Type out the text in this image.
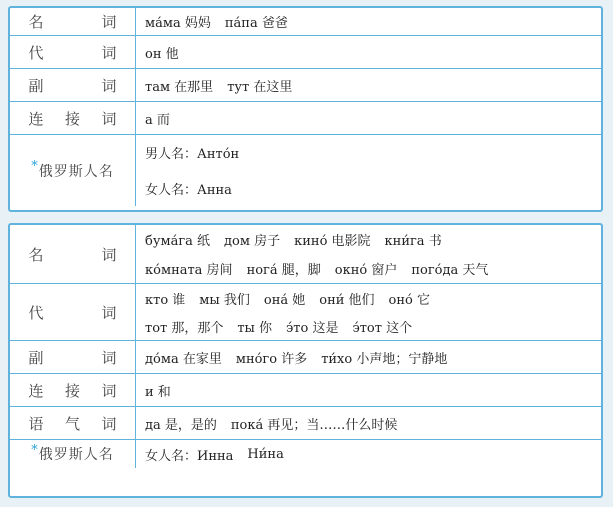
名	词 ма́ма 妈妈 па́па 爸爸
代	词 он 他
副	词 там 在那里 тут 在这里
连 接 词 а 而
* 俄罗斯人名
男人名：Анто́н
女人名：Анна
名	词
бума́га 纸 дом 房子 кино́ 电影院 кни́га 书
ко́мната 房间 нога́ 腿，脚 окно́ 窗户 пого́да 天气
代	词
кто 谁 мы 我们 она́ 她 они́ 他们 оно́ 它
тот 那，那个 ты 你 э́то 这是 э́тот 这个
副	词 до́ма 在家里 мно́го 许多 ти́хо 小声地；宁静地
连 接 词 и 和
语 气 词 да 是，是的 пока́ 再见；当……什么时候
* 俄罗斯人名 女人名：Инна Ни́на
